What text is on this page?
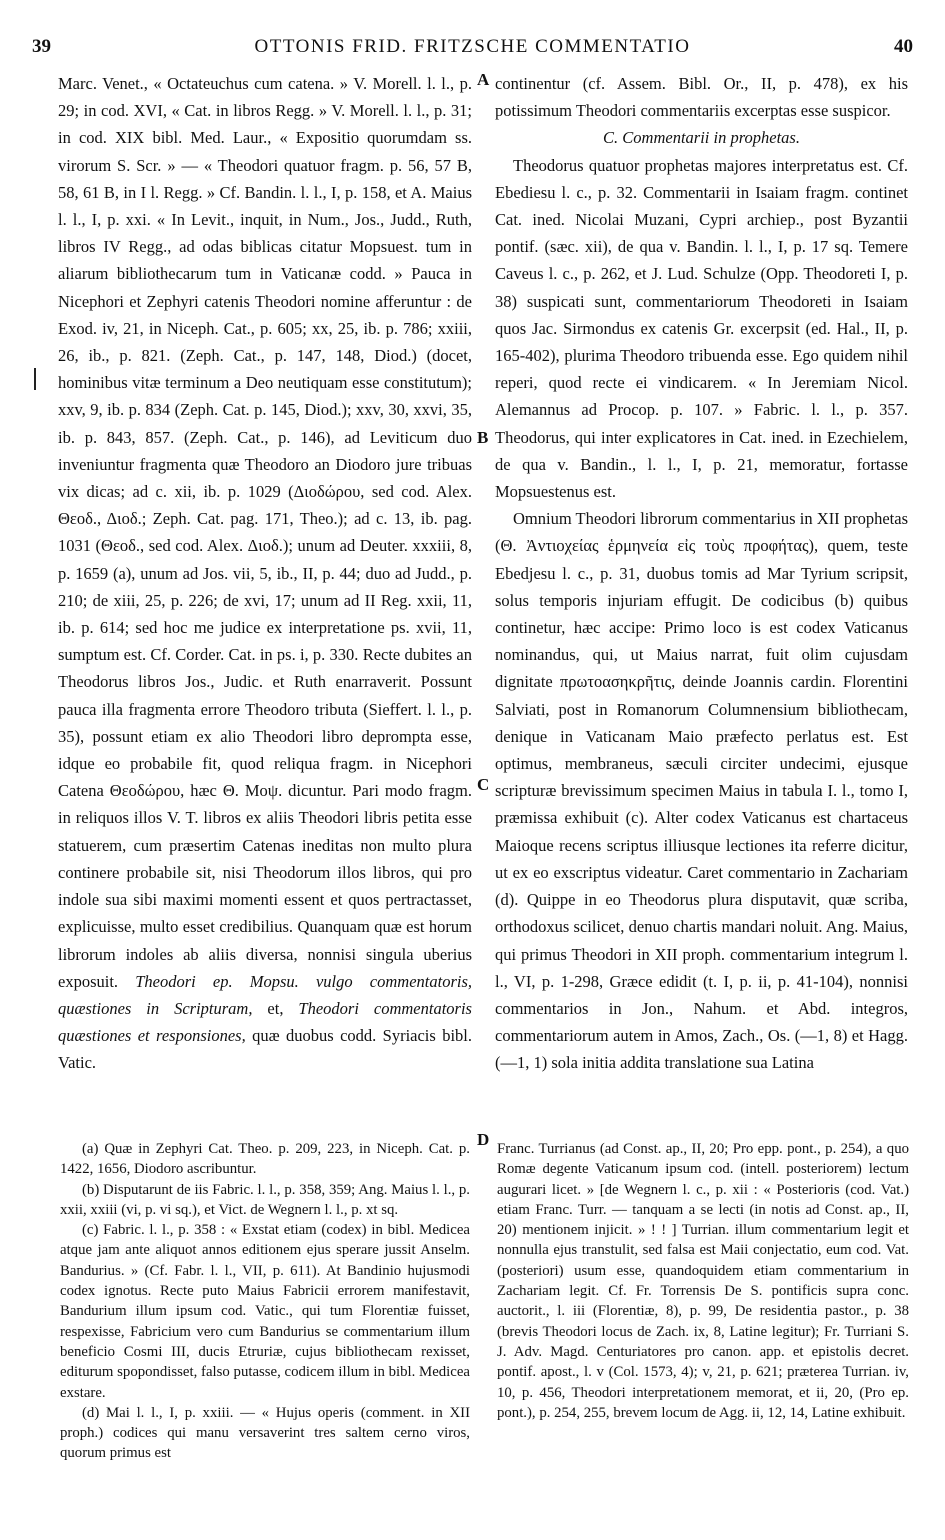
39	OTTONIS FRID. FRITZSCHE COMMENTATIO	40
A
B
C
D

Marc. Venet., « Octateuchus cum catena. » V. Morell. l. l., p. 29; in cod. XVI, « Cat. in libros Regg. » V. Morell. l. l., p. 31; in cod. XIX bibl. Med. Laur., « Expositio quorumdam ss. virorum S. Scr. » — « Theodori quatuor fragm. p. 56, 57 B, 58, 61 B, in I l. Regg. » Cf. Bandin. l. l., I, p. 158, et A. Maius l. l., I, p. xxi. « In Levit., inquit, in Num., Jos., Judd., Ruth, libros IV Regg., ad odas biblicas citatur Mopsuest. tum in aliarum bibliothecarum tum in Vaticanæ codd. » Pauca in Nicephori et Zephyri catenis Theodori nomine afferuntur : de Exod. iv, 21, in Niceph. Cat., p. 605; xx, 25, ib. p. 786; xxiii, 26, ib., p. 821. (Zeph. Cat., p. 147, 148, Diod.) (docet, hominibus vitæ terminum a Deo neutiquam esse constitutum); xxv, 9, ib. p. 834 (Zeph. Cat. p. 145, Diod.); xxv, 30, xxvi, 35, ib. p. 843, 857. (Zeph. Cat., p. 146), ad Leviticum duo inveniuntur fragmenta quæ Theodoro an Diodoro jure tribuas vix dicas; ad c. xii, ib. p. 1029 (Διοδώρου, sed cod. Alex. Θεοδ., Διοδ.; Zeph. Cat. pag. 171, Theo.); ad c. 13, ib. pag. 1031 (Θεοδ., sed cod. Alex. Διοδ.); unum ad Deuter. xxxiii, 8, p. 1659 (a), unum ad Jos. vii, 5, ib., II, p. 44; duo ad Judd., p. 210; de xiii, 25, p. 226; de xvi, 17; unum ad II Reg. xxii, 11, ib. p. 614; sed hoc me judice ex interpretatione ps. xvii, 11, sumptum est. Cf. Corder. Cat. in ps. i, p. 330. Recte dubites an Theodorus libros Jos., Judic. et Ruth enarraverit. Possunt pauca illa fragmenta errore Theodoro tributa (Sieffert. l. l., p. 35), possunt etiam ex alio Theodori libro deprompta esse, idque eo probabile fit, quod reliqua fragm. in Nicephori Catena Θεοδώρου, hæc Θ. Μοψ. dicuntur. Pari modo fragm. in reliquos illos V. T. libros ex aliis Theodori libris petita esse statuerem, cum præsertim Catenas ineditas non multo plura continere probabile sit, nisi Theodorum illos libros, qui pro indole sua sibi maximi momenti essent et quos pertractasset, explicuisse, multo esset credibilius. Quanquam quæ est horum librorum indoles ab aliis diversa, nonnisi singula uberius exposuit. Theodori ep. Mopsu. vulgo commentatoris, quæstiones in Scripturam, et, Theodori commentatoris quæstiones et responsiones, quæ duobus codd. Syriacis bibl. Vatic.

continentur (cf. Assem. Bibl. Or., II, p. 478), ex his potissimum Theodori commentariis excerptas esse suspicor.

C. Commentarii in prophetas.

Theodorus quatuor prophetas majores interpretatus est. Cf. Ebediesu l. c., p. 32. Commentarii in Isaiam fragm. continet Cat. ined. Nicolai Muzani, Cypri archiep., post Byzantii pontif. (sæc. xii), de qua v. Bandin. l. l., I, p. 17 sq. Temere Caveus l. c., p. 262, et J. Lud. Schulze (Opp. Theodoreti I, p. 38) suspicati sunt, commentariorum Theodoreti in Isaiam quos Jac. Sirmondus ex catenis Gr. excerpsit (ed. Hal., II, p. 165-402), plurima Theodoro tribuenda esse. Ego quidem nihil reperi, quod recte ei vindicarem. « In Jeremiam Nicol. Alemannus ad Procop. p. 107. » Fabric. l. l., p. 357. Theodorus, qui inter explicatores in Cat. ined. in Ezechielem, de qua v. Bandin., l. l., I, p. 21, memoratur, fortasse Mopsuestenus est.

Omnium Theodori librorum commentarius in XII prophetas (Θ. Ἀντιοχείας ἑρμηνεία εἰς τοὺς προφήτας), quem, teste Ebedjesu l. c., p. 31, duobus tomis ad Mar Tyrium scripsit, solus temporis injuriam effugit. De codicibus (b) quibus continetur, hæc accipe: Primo loco is est codex Vaticanus nominandus, qui, ut Maius narrat, fuit olim cujusdam dignitate πρωτοασηκρῆτις, deinde Joannis cardin. Florentini Salviati, post in Romanorum Columnensium bibliothecam, denique in Vaticanam Maio præfecto perlatus est. Est optimus, membraneus, sæculi circiter undecimi, ejusque scripturæ brevissimum specimen Maius in tabula I. l., tomo I, præmissa exhibuit (c). Alter codex Vaticanus est chartaceus Maioque recens scriptus illiusque lectiones ita referre dicitur, ut ex eo exscriptus videatur. Caret commentario in Zachariam (d). Quippe in eo Theodorus plura disputavit, quæ scriba, orthodoxus scilicet, denuo chartis mandari noluit. Ang. Maius, qui primus Theodori in XII proph. commentarium integrum l. l., VI, p. 1-298, Græce edidit (t. I, p. ii, p. 41-104), nonnisi commentarios in Jon., Nahum. et Abd. integros, commentariorum autem in Amos, Zach., Os. (—1, 8) et Hagg. (—1, 1) sola initia addita translatione sua Latina

(a) Quæ in Zephyri Cat. Theo. p. 209, 223, in Niceph. Cat. p. 1422, 1656, Diodoro ascribuntur.

(b) Disputarunt de iis Fabric. l. l., p. 358, 359; Ang. Maius l. l., p. xxii, xxiii (vi, p. vi sq.), et Vict. de Wegnern l. l., p. xt sq.

(c) Fabric. l. l., p. 358 : « Exstat etiam (codex) in bibl. Medicea atque jam ante aliquot annos editionem ejus sperare jussit Anselm. Bandurius. » (Cf. Fabr. l. l., VII, p. 611). At Bandinio hujusmodi codex ignotus. Recte puto Maius Fabricii errorem manifestavit, Bandurium illum ipsum cod. Vatic., qui tum Florentiæ fuisset, respexisse, Fabricium vero cum Bandurius se commentarium illum beneficio Cosmi III, ducis Etruriæ, cujus bibliothecam rexisset, editurum spopondisset, falso putasse, codicem illum in bibl. Medicea exstare.

(d) Mai l. l., I, p. xxiii. — « Hujus operis (comment. in XII proph.) codices qui manu versaverint tres saltem cerno viros, quorum primus est

Franc. Turrianus (ad Const. ap., II, 20; Pro epp. pont., p. 254), a quo Romæ degente Vaticanum ipsum cod. (intell. posteriorem) lectum augurari licet. » [de Wegnern l. c., p. xii : « Posterioris (cod. Vat.) etiam Franc. Turr. — tanquam a se lecti (in notis ad Const. ap., II, 20) mentionem injicit. » ! ! ] Turrian. illum commentarium legit et nonnulla ejus transtulit, sed falsa est Maii conjectatio, eum cod. Vat. (posteriori) usum esse, quandoquidem etiam commentarium in Zachariam legit. Cf. Fr. Torrensis De S. pontificis supra conc. auctorit., l. iii (Florentiæ, 8), p. 99, De residentia pastor., p. 38 (brevis Theodori locus de Zach. ix, 8, Latine legitur); Fr. Turriani S. J. Adv. Magd. Centuriatores pro canon. app. et epistolis decret. pontif. apost., l. v (Col. 1573, 4); v, 21, p. 621; præterea Turrian. iv, 10, p. 456, Theodori interpretationem memorat, et ii, 20, (Pro ep. pont.), p. 254, 255, brevem locum de Agg. ii, 12, 14, Latine exhibuit.
